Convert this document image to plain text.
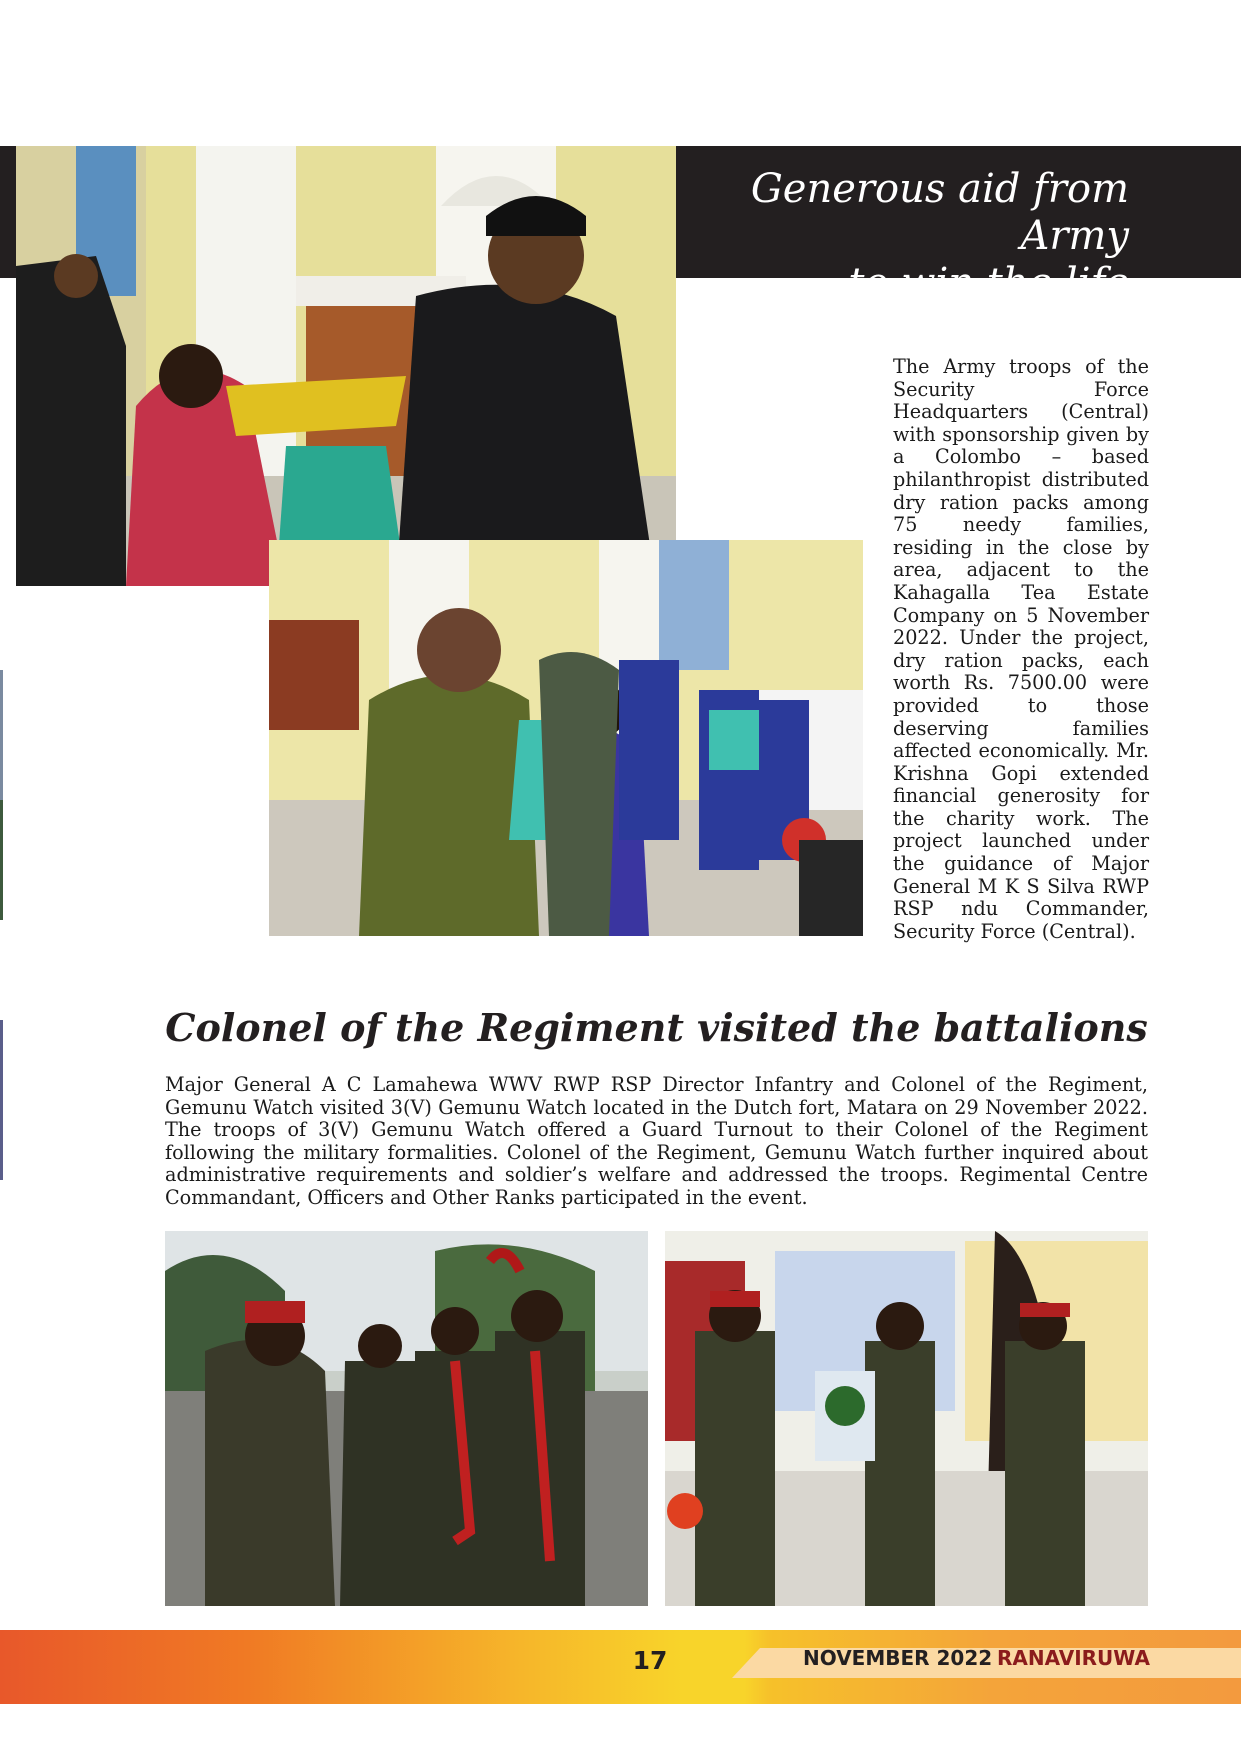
Generous aid from Army
to win the life
The Army troops of the Security Force Headquarters (Central) with sponsorship given by a Colombo – based philanthropist distributed dry ration packs among 75 needy families, residing in the close by area, adjacent to the Kahagalla Tea Estate Company on 5 November 2022. Under the project, dry ration packs, each worth Rs. 7500.00 were provided to those deserving families affected economically. Mr. Krishna Gopi extended financial generosity for the charity work. The project launched under the guidance of Major General M K S Silva RWP RSP ndu Commander, Security Force (Central).
Colonel of the Regiment visited the battalions
Major General A C Lamahewa WWV RWP RSP Director Infantry and Colonel of the Regiment, Gemunu Watch visited 3(V) Gemunu Watch located in the Dutch fort, Matara on 29 November 2022. The troops of 3(V) Gemunu Watch offered a Guard Turnout to their Colonel of the Regiment following the military formalities. Colonel of the Regiment, Gemunu Watch further inquired about administrative requirements and soldier’s welfare and addressed the troops. Regimental Centre Commandant, Officers and Other Ranks participated in the event.
17	NOVEMBER 2022 RANAVIRUWA
